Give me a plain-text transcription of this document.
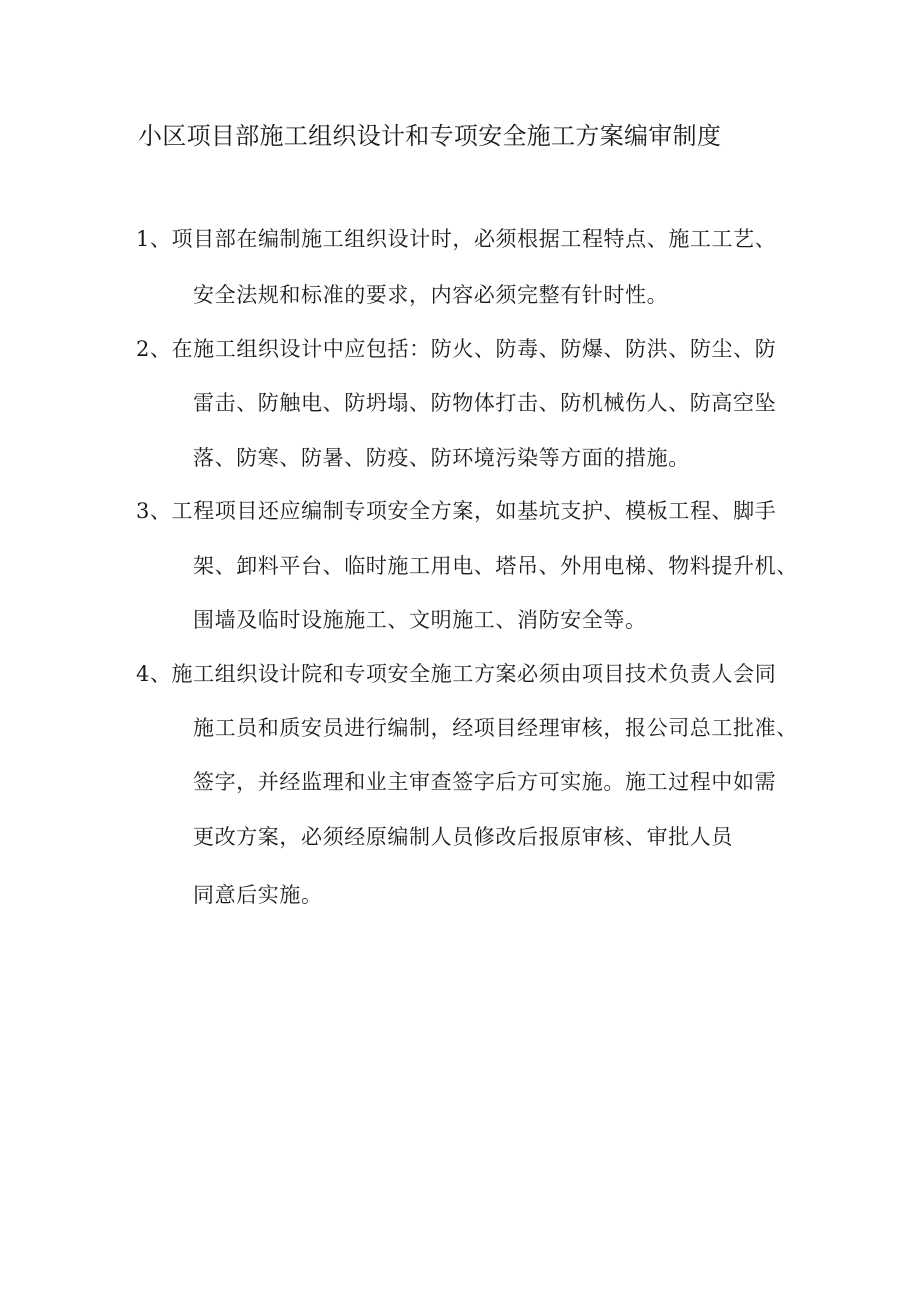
小区项目部施工组织设计和专项安全施工方案编审制度
1、项目部在编制施工组织设计时，必须根据工程特点、施工工艺、
安全法规和标准的要求，内容必须完整有针时性。
2、在施工组织设计中应包括：防火、防毒、防爆、防洪、防尘、防
雷击、防触电、防坍塌、防物体打击、防机械伤人、防高空坠
落、防寒、防暑、防疫、防环境污染等方面的措施。
3、工程项目还应编制专项安全方案，如基坑支护、模板工程、脚手
架、卸料平台、临时施工用电、塔吊、外用电梯、物料提升机、
围墙及临时设施施工、文明施工、消防安全等。
4、施工组织设计院和专项安全施工方案必须由项目技术负责人会同
施工员和质安员进行编制，经项目经理审核，报公司总工批准、
签字，并经监理和业主审查签字后方可实施。施工过程中如需
更改方案，必须经原编制人员修改后报原审核、审批人员
同意后实施。
